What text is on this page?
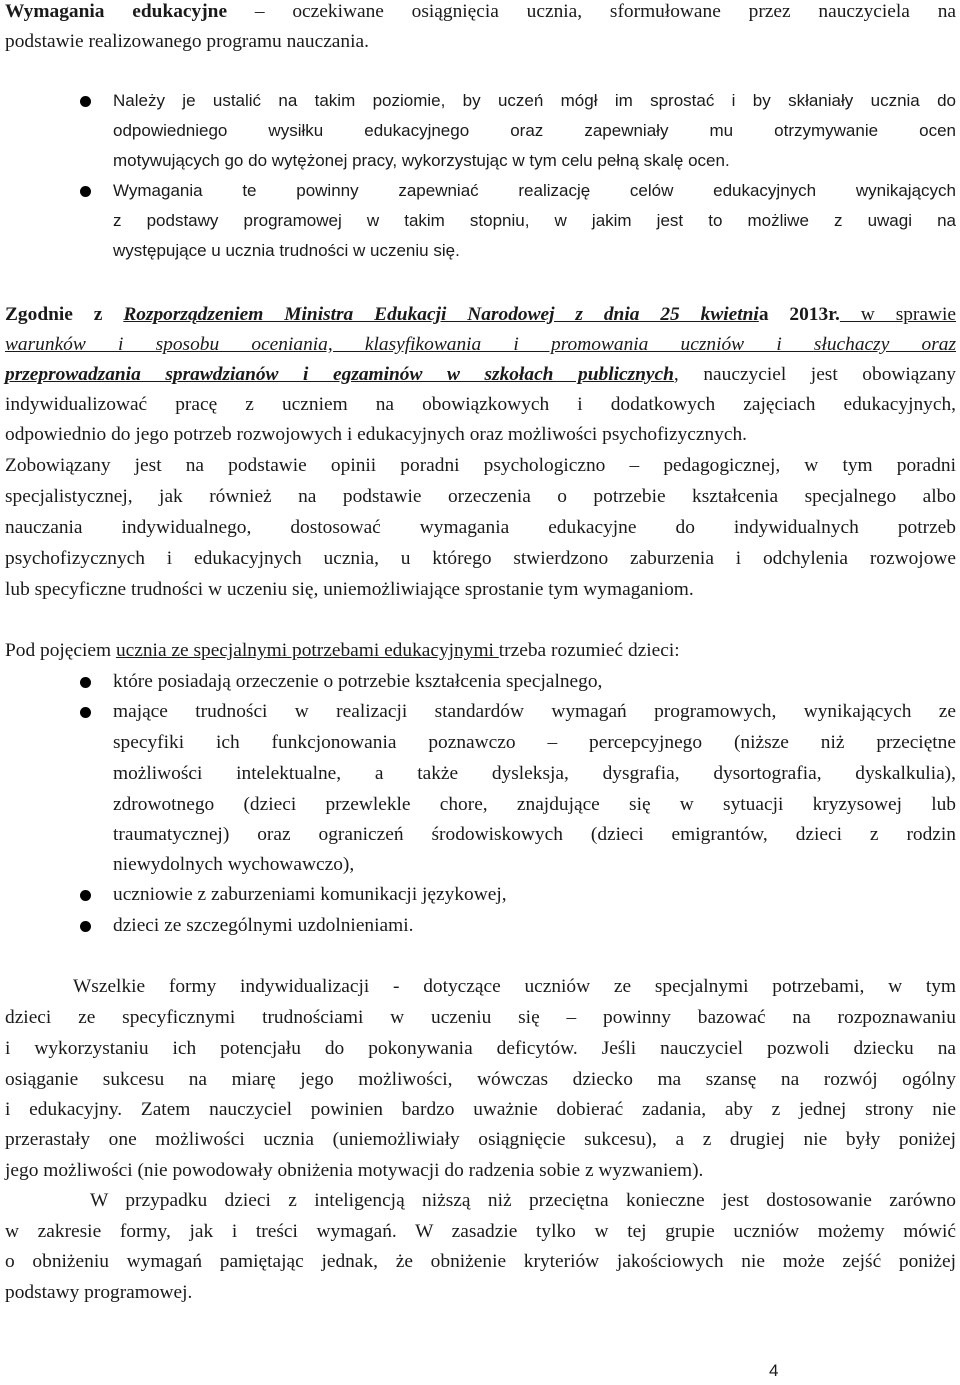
Wymagania edukacyjne – oczekiwane osiągnięcia ucznia, sformułowane przez nauczyciela na
podstawie realizowanego programu nauczania.
Należy je ustalić na takim poziomie, by uczeń mógł im sprostać i by skłaniały ucznia do
odpowiedniego wysiłku edukacyjnego oraz zapewniały mu otrzymywanie ocen
motywujących go do wytężonej pracy, wykorzystując w tym celu pełną skalę ocen.
Wymagania te powinny zapewniać realizację celów edukacyjnych wynikających
z podstawy programowej w takim stopniu, w jakim jest to możliwe z uwagi na
występujące u ucznia trudności w uczeniu się.
Zgodnie z Rozporządzeniem Ministra Edukacji Narodowej z dnia 25 kwietnia 2013r. w sprawie
warunków i sposobu oceniania, klasyfikowania i promowania uczniów i słuchaczy oraz
przeprowadzania sprawdzianów i egzaminów w szkołach publicznych, nauczyciel jest obowiązany
indywidualizować pracę z uczniem na obowiązkowych i dodatkowych zajęciach edukacyjnych,
odpowiednio do jego potrzeb rozwojowych i edukacyjnych oraz możliwości psychofizycznych.
Zobowiązany jest na podstawie opinii poradni psychologiczno – pedagogicznej, w tym poradni
specjalistycznej, jak również na podstawie orzeczenia o potrzebie kształcenia specjalnego albo
nauczania indywidualnego, dostosować wymagania edukacyjne do indywidualnych potrzeb
psychofizycznych i edukacyjnych ucznia, u którego stwierdzono zaburzenia i odchylenia rozwojowe
lub specyficzne trudności w uczeniu się, uniemożliwiające sprostanie tym wymaganiom.
Pod pojęciem ucznia ze specjalnymi potrzebami edukacyjnymi trzeba rozumieć dzieci:
które posiadają orzeczenie o potrzebie kształcenia specjalnego,
mające trudności w realizacji standardów wymagań programowych, wynikających ze
specyfiki ich funkcjonowania poznawczo – percepcyjnego (niższe niż przeciętne
możliwości intelektualne, a także dysleksja, dysgrafia, dysortografia, dyskalkulia),
zdrowotnego (dzieci przewlekle chore, znajdujące się w sytuacji kryzysowej lub
traumatycznej) oraz ograniczeń środowiskowych (dzieci emigrantów, dzieci z rodzin
niewydolnych wychowawczo),
uczniowie z zaburzeniami komunikacji językowej,
dzieci ze szczególnymi uzdolnieniami.
Wszelkie formy indywidualizacji - dotyczące uczniów ze specjalnymi potrzebami, w tym
dzieci ze specyficznymi trudnościami w uczeniu się – powinny bazować na rozpoznawaniu
i wykorzystaniu ich potencjału do pokonywania deficytów. Jeśli nauczyciel pozwoli dziecku na
osiąganie sukcesu na miarę jego możliwości, wówczas dziecko ma szansę na rozwój ogólny
i edukacyjny. Zatem nauczyciel powinien bardzo uważnie dobierać zadania, aby z jednej strony nie
przerastały one możliwości ucznia (uniemożliwiały osiągnięcie sukcesu), a z drugiej nie były poniżej
jego możliwości (nie powodowały obniżenia motywacji do radzenia sobie z wyzwaniem).
W przypadku dzieci z inteligencją niższą niż przeciętna konieczne jest dostosowanie zarówno
w zakresie formy, jak i treści wymagań. W zasadzie tylko w tej grupie uczniów możemy mówić
o obniżeniu wymagań pamiętając jednak, że obniżenie kryteriów jakościowych nie może zejść poniżej
podstawy programowej.
4
